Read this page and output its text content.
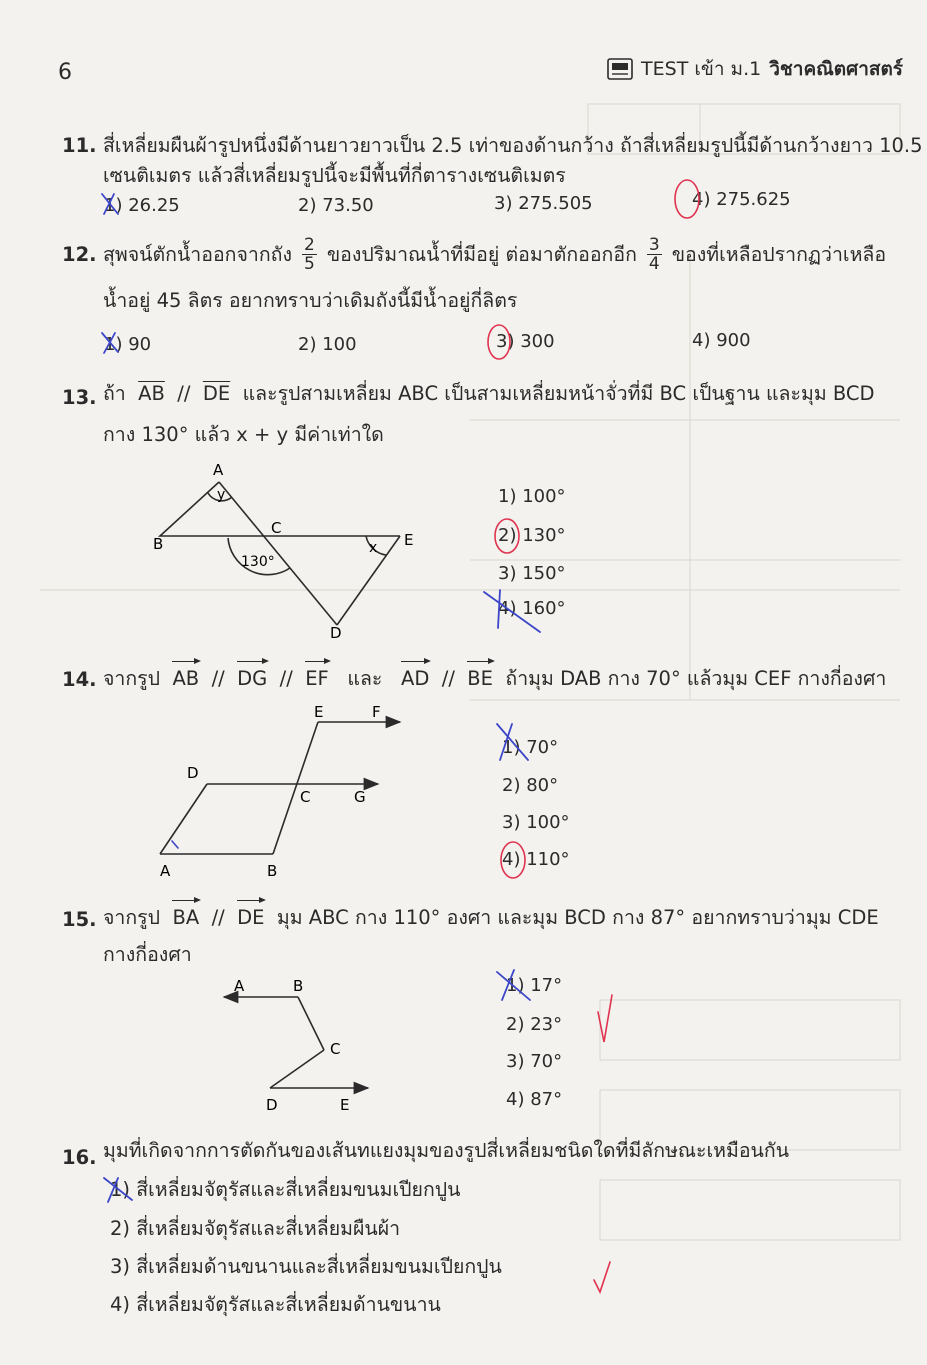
6	TEST เข้า ม.1 วิชาคณิตศาสตร์
11. สี่เหลี่ยมผืนผ้ารูปหนึ่งมีด้านยาวยาวเป็น 2.5 เท่าของด้านกว้าง ถ้าสี่เหลี่ยมรูปนี้มีด้านกว้างยาว 10.5
เซนติเมตร แล้วสี่เหลี่ยมรูปนี้จะมีพื้นที่กี่ตารางเซนติเมตร
1) 26.25	2) 73.50	3) 275.505	4) 275.625
12. สุพจน์ตักน้ำออกจากถัง $\frac{2}{5}$ ของปริมาณน้ำที่มีอยู่ ต่อมาตักออกอีก $\frac{3}{4}$ ของที่เหลือปรากฏว่าเหลือ
น้ำอยู่ 45 ลิตร อยากทราบว่าเดิมถังนี้มีน้ำอยู่กี่ลิตร
1) 90	2) 100	3) 300	4) 900
13. ถ้า $\overline{AB} // \overline{DE}$ และรูปสามเหลี่ยม ABC เป็นสามเหลี่ยมหน้าจั่วที่มี BC เป็นฐาน และมุม BCD
กาง 130° แล้ว x + y มีค่าเท่าใด
A
B
C
D
E
y
x
130°
1) 100°
2) 130°
3) 150°
4) 160°
14. จากรูป AB // DG // EF และ AD // BE ถ้ามุม DAB กาง 70° แล้วมุม CEF กางกี่องศา
D
A	B
C	G
E	F
1) 70°
2) 80°
3) 100°
4) 110°
15. จากรูป BA // DE มุม ABC กาง 110° องศา และมุม BCD กาง 87° อยากทราบว่ามุม CDE
กางกี่องศา
A	B
C
D	E
1) 17°
2) 23°
3) 70°
4) 87°
16. มุมที่เกิดจากการตัดกันของเส้นทแยงมุมของรูปสี่เหลี่ยมชนิดใดที่มีลักษณะเหมือนกัน
1) สี่เหลี่ยมจัตุรัสและสี่เหลี่ยมขนมเปียกปูน
2) สี่เหลี่ยมจัตุรัสและสี่เหลี่ยมผืนผ้า
3) สี่เหลี่ยมด้านขนานและสี่เหลี่ยมขนมเปียกปูน
4) สี่เหลี่ยมจัตุรัสและสี่เหลี่ยมด้านขนาน
